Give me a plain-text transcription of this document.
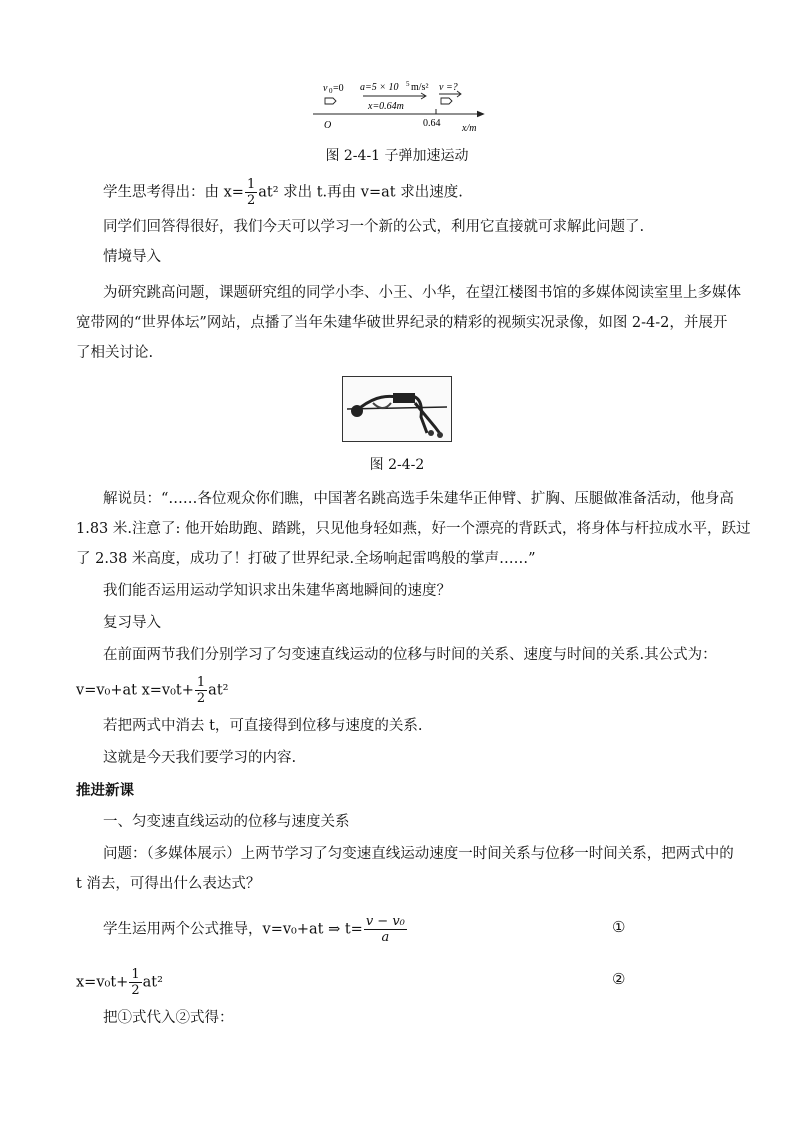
v 0 =0 a=5 × 10 5 m/s²
x=0.64m
v =?
O	0.64 x/m
图 2-4-1 子弹加速运动
学生思考得出：由 $x= \frac{1}{2} at^2$ 求出 t.再由 v=at 求出速度.
同学们回答得很好，我们今天可以学习一个新的公式，利用它直接就可求解此问题了.
情境导入
为研究跳高问题，课题研究组的同学小李、小王、小华，在望江楼图书馆的多媒体阅读室里上多媒体
宽带网的“世界体坛”网站，点播了当年朱建华破世界纪录的精彩的视频实况录像，如图 2-4-2，并展开
了相关讨论.
图 2-4-2
解说员：“……各位观众你们瞧，中国著名跳高选手朱建华正伸臂、扩胸、压腿做准备活动，他身高
1.83 米.注意了: 他开始助跑、踏跳，只见他身轻如燕，好一个漂亮的背跃式，将身体与杆拉成水平，跃过
了 2.38 米高度，成功了！打破了世界纪录.全场响起雷鸣般的掌声……”
我们能否运用运动学知识求出朱建华离地瞬间的速度？
复习导入
在前面两节我们分别学习了匀变速直线运动的位移与时间的关系、速度与时间的关系.其公式为：
v=v₀+at $x=v_0t+ \frac{1}{2} at^2$
若把两式中消去 t，可直接得到位移与速度的关系.
这就是今天我们要学习的内容.
推进新课
一、匀变速直线运动的位移与速度关系
问题：（多媒体展示）上两节学习了匀变速直线运动速度一时间关系与位移一时间关系，把两式中的
t 消去，可得出什么表达式？
学生运用两个公式推导，v=v₀+at ⇒ $t= \frac{\text{v − v₀}}{a}$	①
$x=v_0t+ \frac{1}{2} at^2$	②
把①式代入②式得：
